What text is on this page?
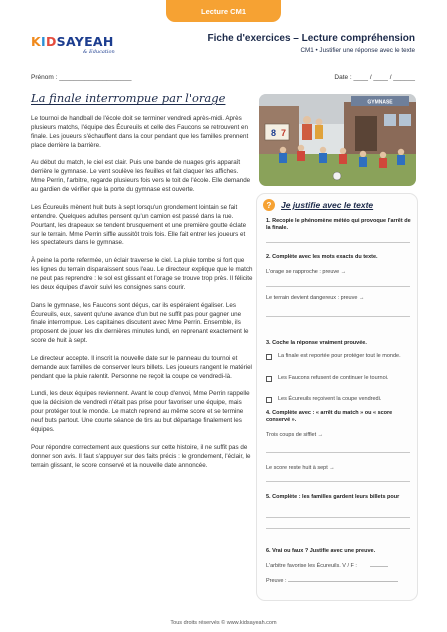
Lecture CM1
KIDSAYEAH
& Education
Fiche d'exercices – Lecture compréhension
CM1 • Justifier une réponse avec le texte
Prénom : ____________________	Date : ____ / ____ / ______
La finale interrompue par l'orage

Le tournoi de handball de l'école doit se terminer vendredi après-midi. Après plusieurs matchs, l'équipe des Écureuils et celle des Faucons se retrouvent en finale. Les joueurs s'échauffent dans la cour pendant que les familles prennent place derrière la barrière.

Au début du match, le ciel est clair. Puis une bande de nuages gris apparaît derrière le gymnase. Le vent soulève les feuilles et fait claquer les affiches. Mme Perrin, l'arbitre, regarde plusieurs fois vers le toit de l'école. Elle demande au gardien de vérifier que la porte du gymnase est ouverte.

Les Écureuils mènent huit buts à sept lorsqu'un grondement lointain se fait entendre. Quelques adultes pensent qu'un camion est passé dans la rue. Pourtant, les drapeaux se tendent brusquement et une première goutte éclate sur le terrain. Mme Perrin siffle aussitôt trois fois. Elle fait entrer les joueurs et les spectateurs dans le gymnase.

À peine la porte refermée, un éclair traverse le ciel. La pluie tombe si fort que les lignes du terrain disparaissent sous l'eau. Le directeur explique que le match ne peut pas reprendre : le sol est glissant et l'orage se trouve trop près. Il félicite les deux équipes d'avoir suivi les consignes sans courir.

Dans le gymnase, les Faucons sont déçus, car ils espéraient égaliser. Les Écureuils, eux, savent qu'une avance d'un but ne suffit pas pour gagner une finale interrompue. Les capitaines discutent avec Mme Perrin. Ensemble, ils proposent de jouer les dix dernières minutes lundi, en reprenant exactement le score de huit à sept.

Le directeur accepte. Il inscrit la nouvelle date sur le panneau du tournoi et demande aux familles de conserver leurs billets. Les joueurs rangent le matériel pendant que la pluie ralentit. Personne ne reçoit la coupe ce vendredi-là.

Lundi, les deux équipes reviennent. Avant le coup d'envoi, Mme Perrin rappelle que la décision de vendredi n'était pas prise pour favoriser une équipe, mais pour protéger tout le monde. Le match reprend au même score et se termine neuf buts partout. Une courte séance de tirs au but départage finalement les équipes.

Pour répondre correctement aux questions sur cette histoire, il ne suffit pas de donner son avis. Il faut s'appuyer sur des faits précis : le grondement, l'éclair, le terrain glissant, le score conservé et la nouvelle date annoncée.

GYMNASE
8 7
?	Je justifie avec le texte
1. Recopie le phénomène météo qui provoque l'arrêt de la finale.
2. Complète avec les mots exacts du texte.
L'orage se rapproche : preuve →
Le terrain devient dangereux : preuve →
3. Coche la réponse vraiment prouvée.
La finale est reportée pour protéger tout le monde.
Les Faucons refusent de continuer le tournoi.
Les Écureuils reçoivent la coupe vendredi.
4. Complète avec : « arrêt du match » ou « score conservé ».
Trois coups de sifflet →
Le score reste huit à sept →
5. Complète : les familles gardent leurs billets pour
6. Vrai ou faux ? Justifie avec une preuve.
L'arbitre favorise les Écureuils. V / F :
Preuve :
Tous droits réservés © www.kidsayeah.com
